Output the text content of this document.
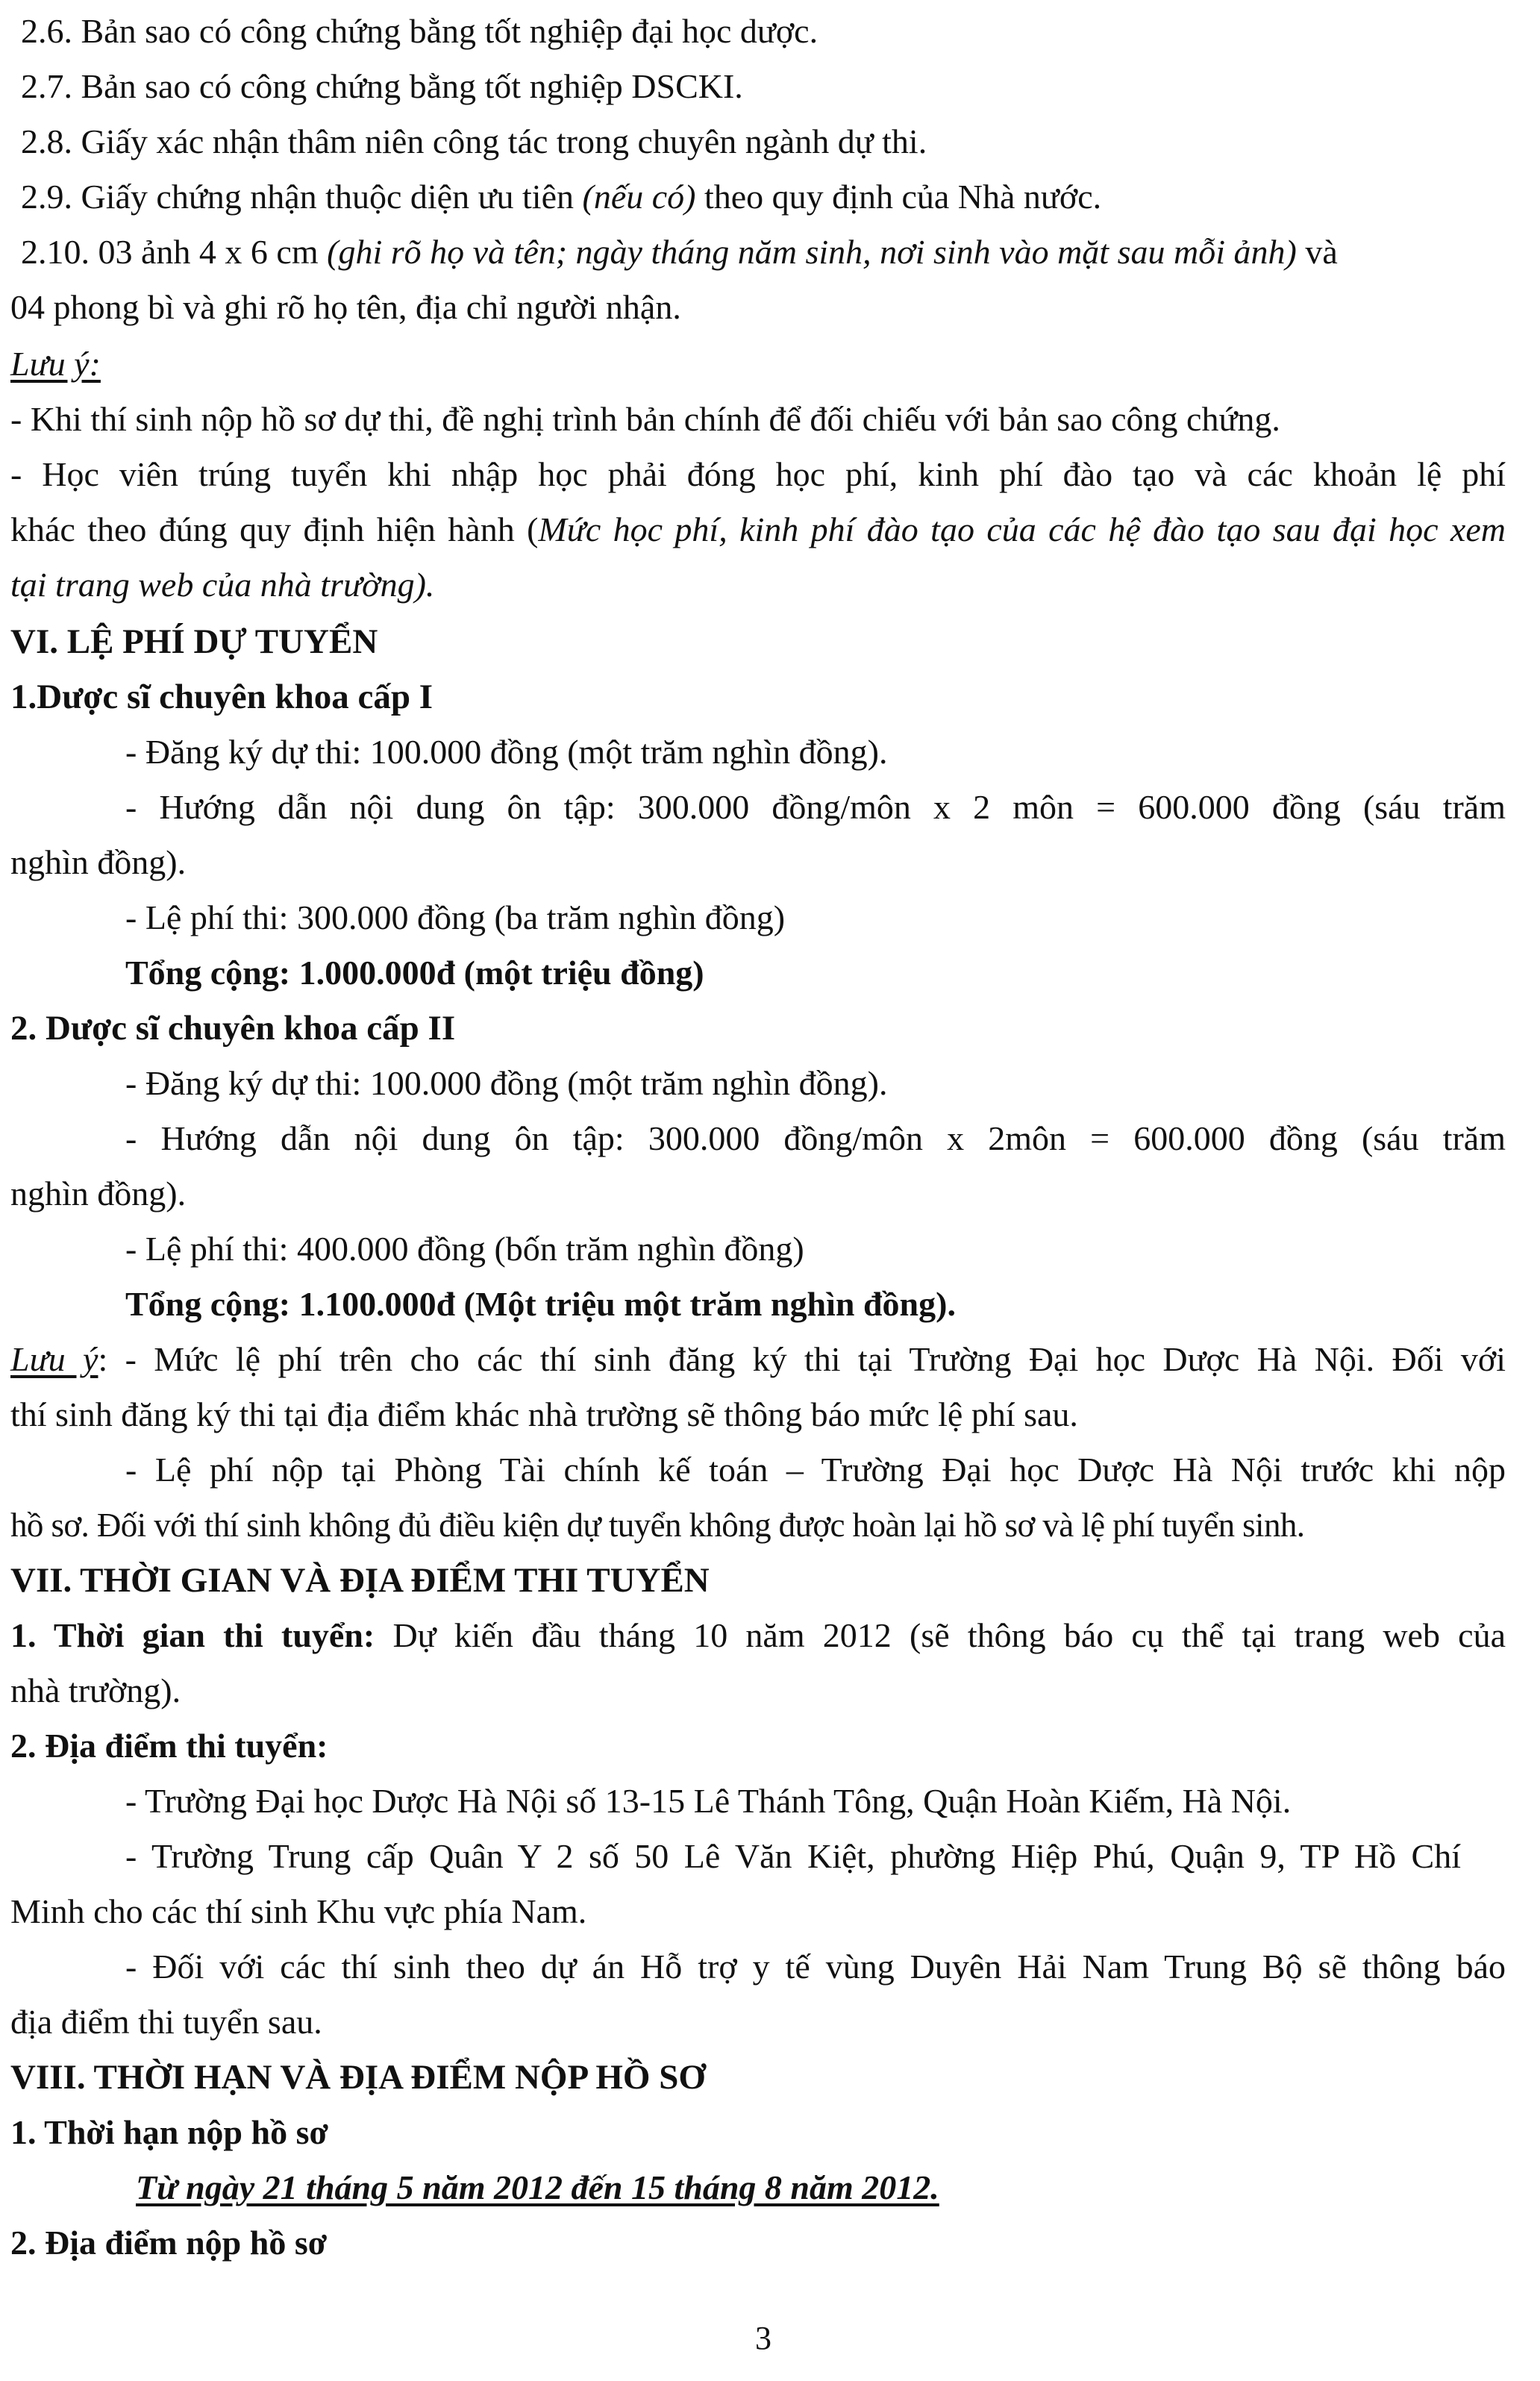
2.6. Bản sao có công chứng bằng tốt nghiệp đại học dược.
2.7. Bản sao có công chứng bằng tốt nghiệp DSCKI.
2.8. Giấy xác nhận thâm niên công tác trong chuyên ngành dự thi.
2.9. Giấy chứng nhận thuộc diện ưu tiên (nếu có) theo quy định của Nhà nước.
2.10. 03 ảnh 4 x 6 cm (ghi rõ họ và tên; ngày tháng năm sinh, nơi sinh vào mặt sau mỗi ảnh) và
04 phong bì và ghi rõ họ tên, địa chỉ người nhận.
Lưu ý:
- Khi thí sinh nộp hồ sơ dự thi, đề nghị trình bản chính để đối chiếu với bản sao công chứng.
- Học viên trúng tuyển khi nhập học phải đóng học phí, kinh phí đào tạo và các khoản lệ phí
khác theo đúng quy định hiện hành (Mức học phí, kinh phí đào tạo của các hệ đào tạo sau đại học xem
tại trang web của nhà trường).
VI. LỆ PHÍ DỰ TUYỂN
1.Dược sĩ chuyên khoa cấp I
- Đăng ký dự thi: 100.000 đồng (một trăm nghìn đồng).
- Hướng dẫn nội dung ôn tập: 300.000 đồng/môn x 2 môn = 600.000 đồng (sáu trăm
nghìn đồng).
- Lệ phí thi: 300.000 đồng (ba trăm nghìn đồng)
Tổng cộng: 1.000.000đ (một triệu đồng)
2. Dược sĩ chuyên khoa cấp II
- Đăng ký dự thi: 100.000 đồng (một trăm nghìn đồng).
- Hướng dẫn nội dung ôn tập: 300.000 đồng/môn x 2môn = 600.000 đồng (sáu trăm
nghìn đồng).
- Lệ phí thi: 400.000 đồng (bốn trăm nghìn đồng)
Tổng cộng: 1.100.000đ (Một triệu một trăm nghìn đồng).
Lưu ý: - Mức lệ phí trên cho các thí sinh đăng ký thi tại Trường Đại học Dược Hà Nội. Đối với
thí sinh đăng ký thi tại địa điểm khác nhà trường sẽ thông báo mức lệ phí sau.
- Lệ phí nộp tại Phòng Tài chính kế toán – Trường Đại học Dược Hà Nội trước khi nộp
hồ sơ. Đối với thí sinh không đủ điều kiện dự tuyển không được hoàn lại hồ sơ và lệ phí tuyển sinh.
VII. THỜI GIAN VÀ ĐỊA ĐIỂM THI TUYỂN
1. Thời gian thi tuyển: Dự kiến đầu tháng 10 năm 2012 (sẽ thông báo cụ thể tại trang web của
nhà trường).
2. Địa điểm thi tuyển:
- Trường Đại học Dược Hà Nội số 13-15 Lê Thánh Tông, Quận Hoàn Kiếm, Hà Nội.
- Trường Trung cấp Quân Y 2 số 50 Lê Văn Kiệt, phường Hiệp Phú, Quận 9, TP Hồ Chí
Minh cho các thí sinh Khu vực phía Nam.
- Đối với các thí sinh theo dự án Hỗ trợ y tế vùng Duyên Hải Nam Trung Bộ sẽ thông báo
địa điểm thi tuyển sau.
VIII. THỜI HẠN VÀ ĐỊA ĐIỂM NỘP HỒ SƠ
1. Thời hạn nộp hồ sơ
Từ ngày 21 tháng 5 năm 2012 đến 15 tháng 8 năm 2012.
2. Địa điểm nộp hồ sơ
3
